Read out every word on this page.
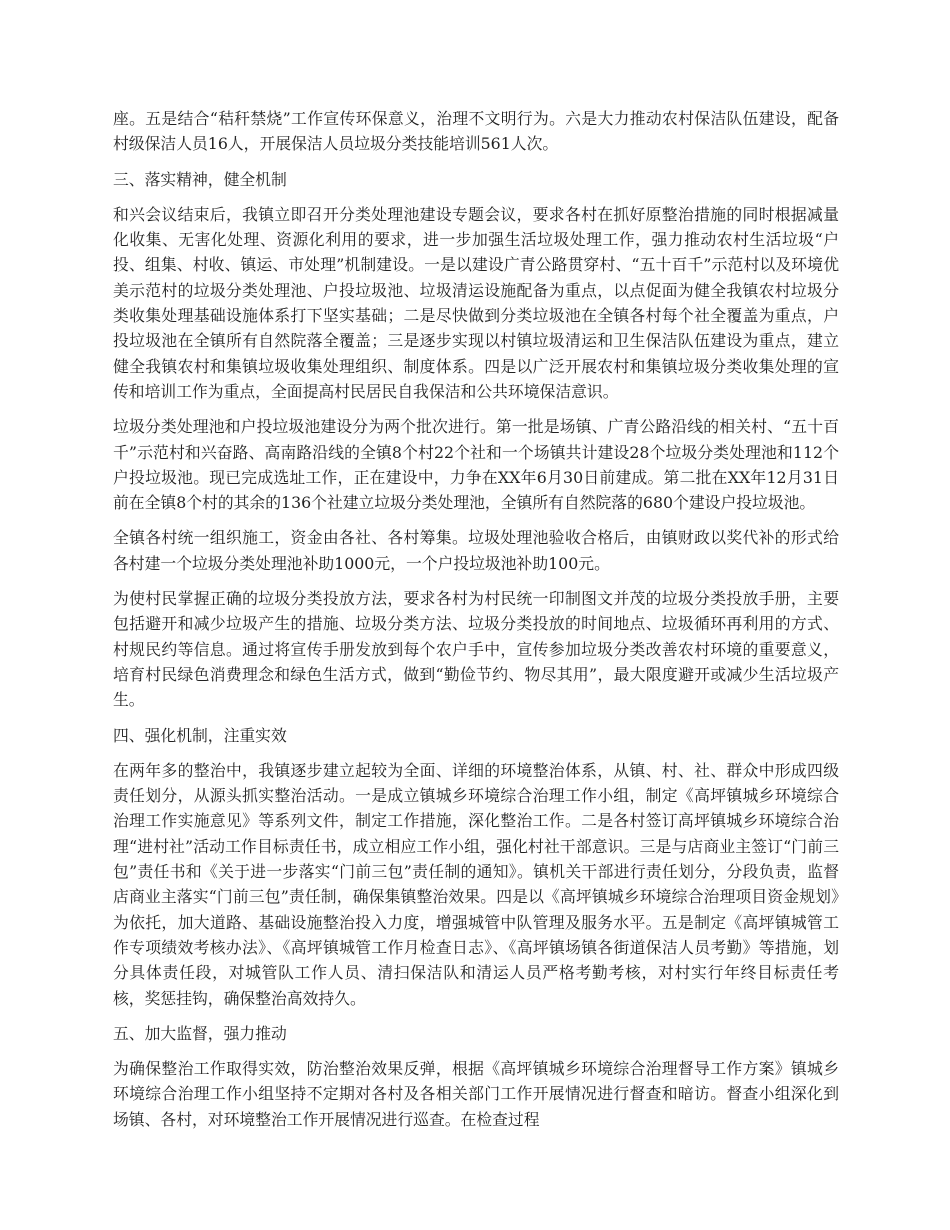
座。五是结合“秸秆禁烧”工作宣传环保意义，治理不文明行为。六是大力推动农村保洁队伍建设，配备村级保洁人员16人，开展保洁人员垃圾分类技能培训561人次。

三、落实精神，健全机制

和兴会议结束后，我镇立即召开分类处理池建设专题会议，要求各村在抓好原整治措施的同时根据减量化收集、无害化处理、资源化利用的要求，进一步加强生活垃圾处理工作，强力推动农村生活垃圾“户投、组集、村收、镇运、市处理”机制建设。一是以建设广青公路贯穿村、“五十百千”示范村以及环境优美示范村的垃圾分类处理池、户投垃圾池、垃圾清运设施配备为重点，以点促面为健全我镇农村垃圾分类收集处理基础设施体系打下坚实基础；二是尽快做到分类垃圾池在全镇各村每个社全覆盖为重点，户投垃圾池在全镇所有自然院落全覆盖；三是逐步实现以村镇垃圾清运和卫生保洁队伍建设为重点，建立健全我镇农村和集镇垃圾收集处理组织、制度体系。四是以广泛开展农村和集镇垃圾分类收集处理的宣传和培训工作为重点，全面提高村民居民自我保洁和公共环境保洁意识。

垃圾分类处理池和户投垃圾池建设分为两个批次进行。第一批是场镇、广青公路沿线的相关村、“五十百千”示范村和兴奋路、高南路沿线的全镇8个村22个社和一个场镇共计建设28个垃圾分类处理池和112个户投垃圾池。现已完成选址工作，正在建设中，力争在XX年6月30日前建成。第二批在XX年12月31日前在全镇8个村的其余的136个社建立垃圾分类处理池，全镇所有自然院落的680个建设户投垃圾池。

全镇各村统一组织施工，资金由各社、各村筹集。垃圾处理池验收合格后，由镇财政以奖代补的形式给各村建一个垃圾分类处理池补助1000元，一个户投垃圾池补助100元。

为使村民掌握正确的垃圾分类投放方法，要求各村为村民统一印制图文并茂的垃圾分类投放手册，主要包括避开和减少垃圾产生的措施、垃圾分类方法、垃圾分类投放的时间地点、垃圾循环再利用的方式、村规民约等信息。通过将宣传手册发放到每个农户手中，宣传参加垃圾分类改善农村环境的重要意义，培育村民绿色消费理念和绿色生活方式，做到“勤俭节约、物尽其用”，最大限度避开或减少生活垃圾产生。

四、强化机制，注重实效

在两年多的整治中，我镇逐步建立起较为全面、详细的环境整治体系，从镇、村、社、群众中形成四级责任划分，从源头抓实整治活动。一是成立镇城乡环境综合治理工作小组，制定《高坪镇城乡环境综合治理工作实施意见》等系列文件，制定工作措施，深化整治工作。二是各村签订高坪镇城乡环境综合治理“进村社”活动工作目标责任书，成立相应工作小组，强化村社干部意识。三是与店商业主签订“门前三包”责任书和《关于进一步落实“门前三包”责任制的通知》。镇机关干部进行责任划分，分段负责，监督店商业主落实“门前三包”责任制，确保集镇整治效果。四是以《高坪镇城乡环境综合治理项目资金规划》为依托，加大道路、基础设施整治投入力度，增强城管中队管理及服务水平。五是制定《高坪镇城管工作专项绩效考核办法》、《高坪镇城管工作月检查日志》、《高坪镇场镇各街道保洁人员考勤》等措施，划分具体责任段，对城管队工作人员、清扫保洁队和清运人员严格考勤考核，对村实行年终目标责任考核，奖惩挂钩，确保整治高效持久。

五、加大监督，强力推动

为确保整治工作取得实效，防治整治效果反弹，根据《高坪镇城乡环境综合治理督导工作方案》镇城乡环境综合治理工作小组坚持不定期对各村及各相关部门工作开展情况进行督查和暗访。督查小组深化到场镇、各村，对环境整治工作开展情况进行巡查。在检查过程
